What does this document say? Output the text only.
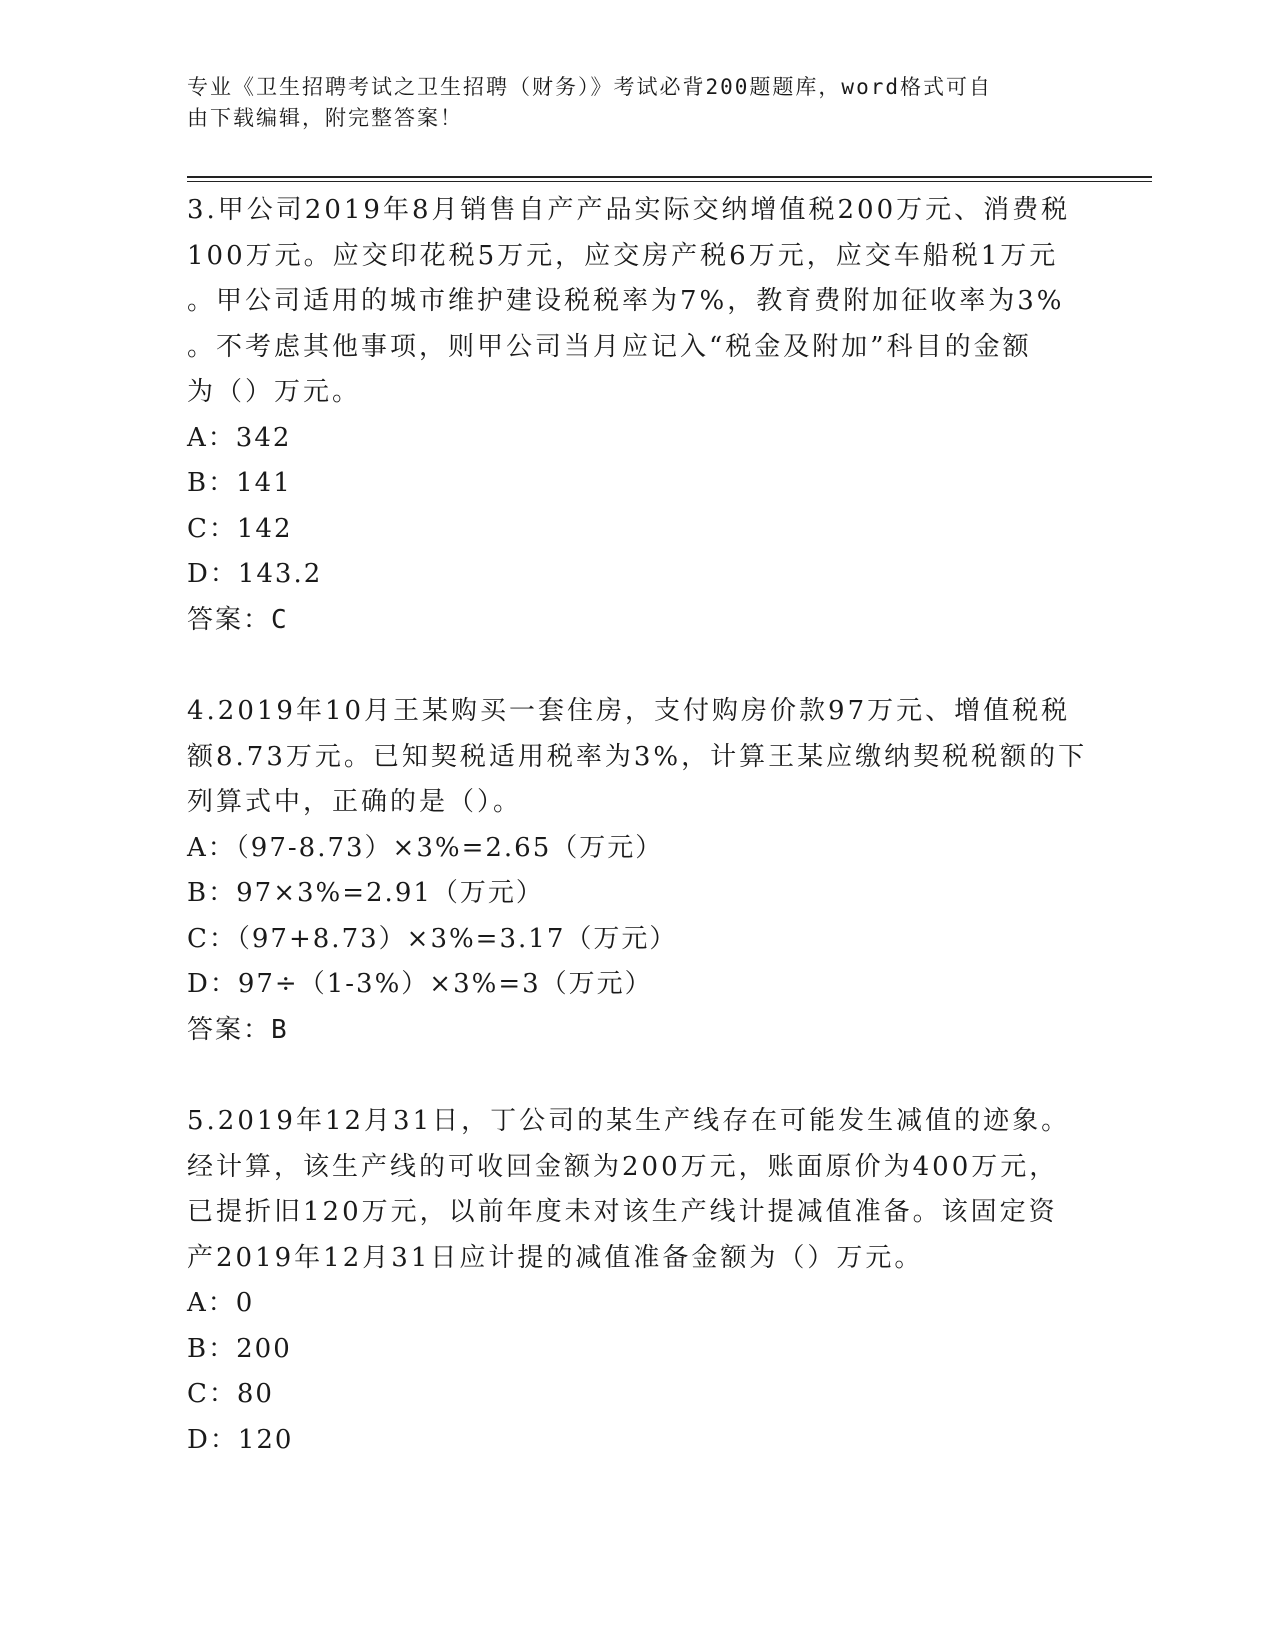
专业《卫生招聘考试之卫生招聘（财务）》考试必背200题题库，word格式可自
由下载编辑，附完整答案！
3.甲公司2019年8月销售自产产品实际交纳增值税200万元、消费税
100万元。应交印花税5万元，应交房产税6万元，应交车船税1万元
。甲公司适用的城市维护建设税税率为7%，教育费附加征收率为3%
。不考虑其他事项，则甲公司当月应记入“税金及附加”科目的金额
为（）万元。
A：342
B：141
C：142
D：143.2
答案：C
4.2019年10月王某购买一套住房，支付购房价款97万元、增值税税
额8.73万元。已知契税适用税率为3%，计算王某应缴纳契税税额的下
列算式中，正确的是（）。
A：（97-8.73）×3%=2.65（万元）
B：97×3%=2.91（万元）
C：（97+8.73）×3%=3.17（万元）
D：97÷（1-3%）×3%=3（万元）
答案：B
5.2019年12月31日，丁公司的某生产线存在可能发生减值的迹象。
经计算，该生产线的可收回金额为200万元，账面原价为400万元，
已提折旧120万元，以前年度未对该生产线计提减值准备。该固定资
产2019年12月31日应计提的减值准备金额为（）万元。
A：0
B：200
C：80
D：120
